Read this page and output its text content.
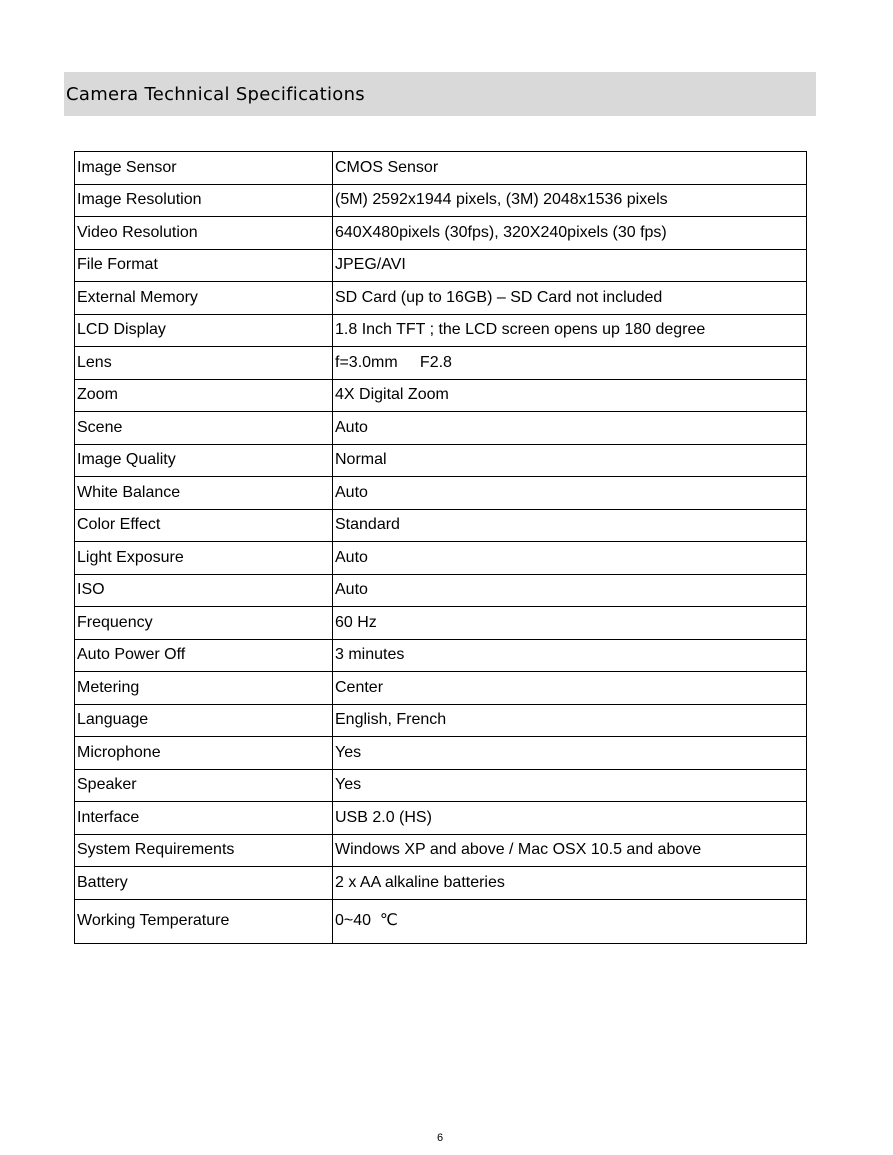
Camera Technical Specifications
Image Sensor	CMOS Sensor
Image Resolution	(5M) 2592x1944 pixels, (3M) 2048x1536 pixels
Video Resolution	640X480pixels (30fps), 320X240pixels (30 fps)
File Format	JPEG/AVI
External Memory	SD Card (up to 16GB) – SD Card not included
LCD Display	1.8 Inch TFT ; the LCD screen opens up 180 degree
Lens	f=3.0mm     F2.8
Zoom	4X Digital Zoom
Scene	Auto
Image Quality	Normal
White Balance	Auto
Color Effect	Standard
Light Exposure	Auto
ISO	Auto
Frequency	60 Hz
Auto Power Off	3 minutes
Metering	Center
Language	English, French
Microphone	Yes
Speaker	Yes
Interface	USB 2.0 (HS)
System Requirements	Windows XP and above / Mac OSX 10.5 and above
Battery	2 x AA alkaline batteries
Working Temperature	0~40  ℃
6
